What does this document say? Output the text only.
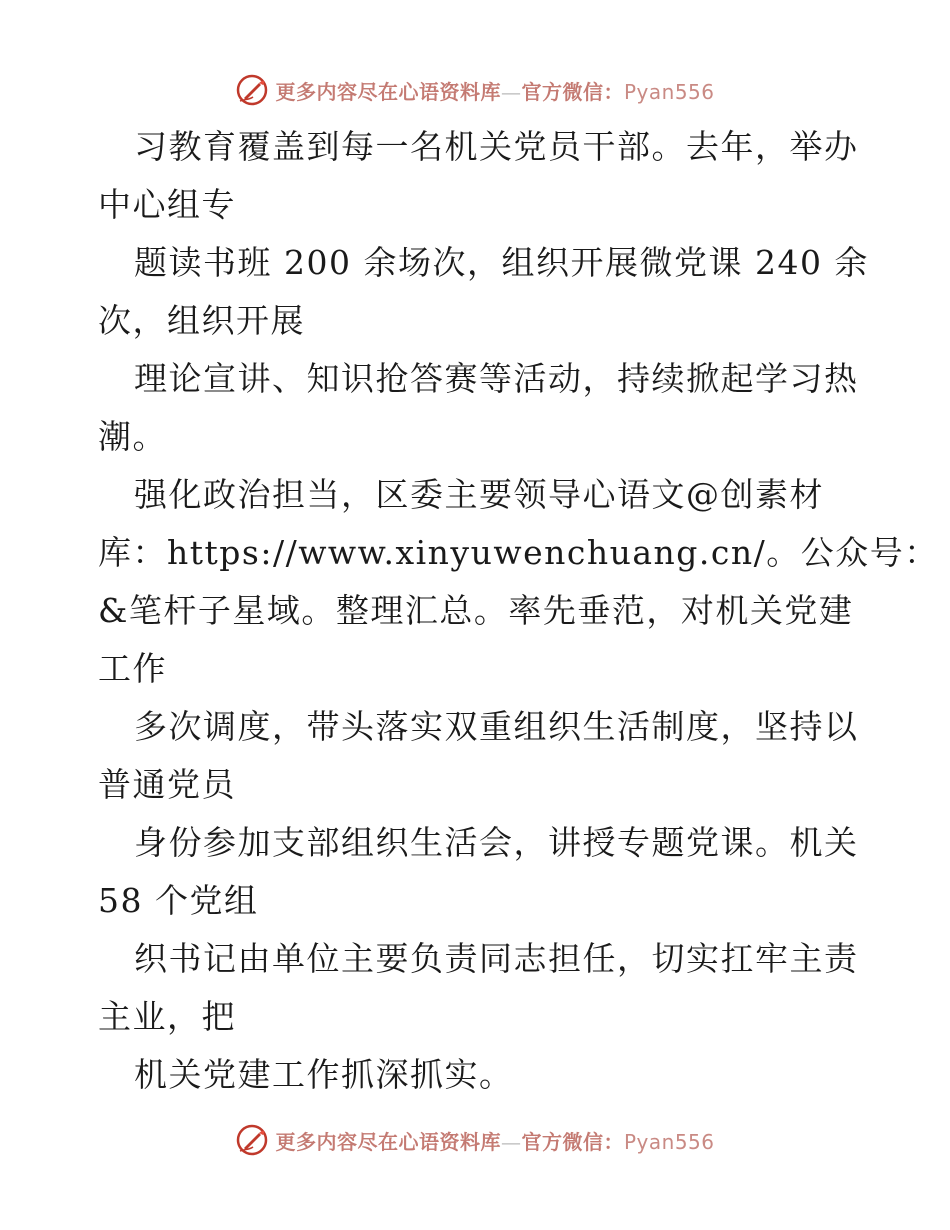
更多内容尽在心语资料库—官方微信：Pyan556

习教育覆盖到每一名机关党员干部。去年，举办

中心组专

题读书班 200 余场次，组织开展微党课 240 余

次，组织开展

理论宣讲、知识抢答赛等活动，持续掀起学习热

潮。

强化政治担当，区委主要领导心语文@创素材

库：https://www.xinyuwenchuang.cn/。公众号：

&笔杆子星域。整理汇总。率先垂范，对机关党建

工作

多次调度，带头落实双重组织生活制度，坚持以

普通党员

身份参加支部组织生活会，讲授专题党课。机关

58 个党组

织书记由单位主要负责同志担任，切实扛牢主责

主业，把

机关党建工作抓深抓实。

更多内容尽在心语资料库—官方微信：Pyan556
